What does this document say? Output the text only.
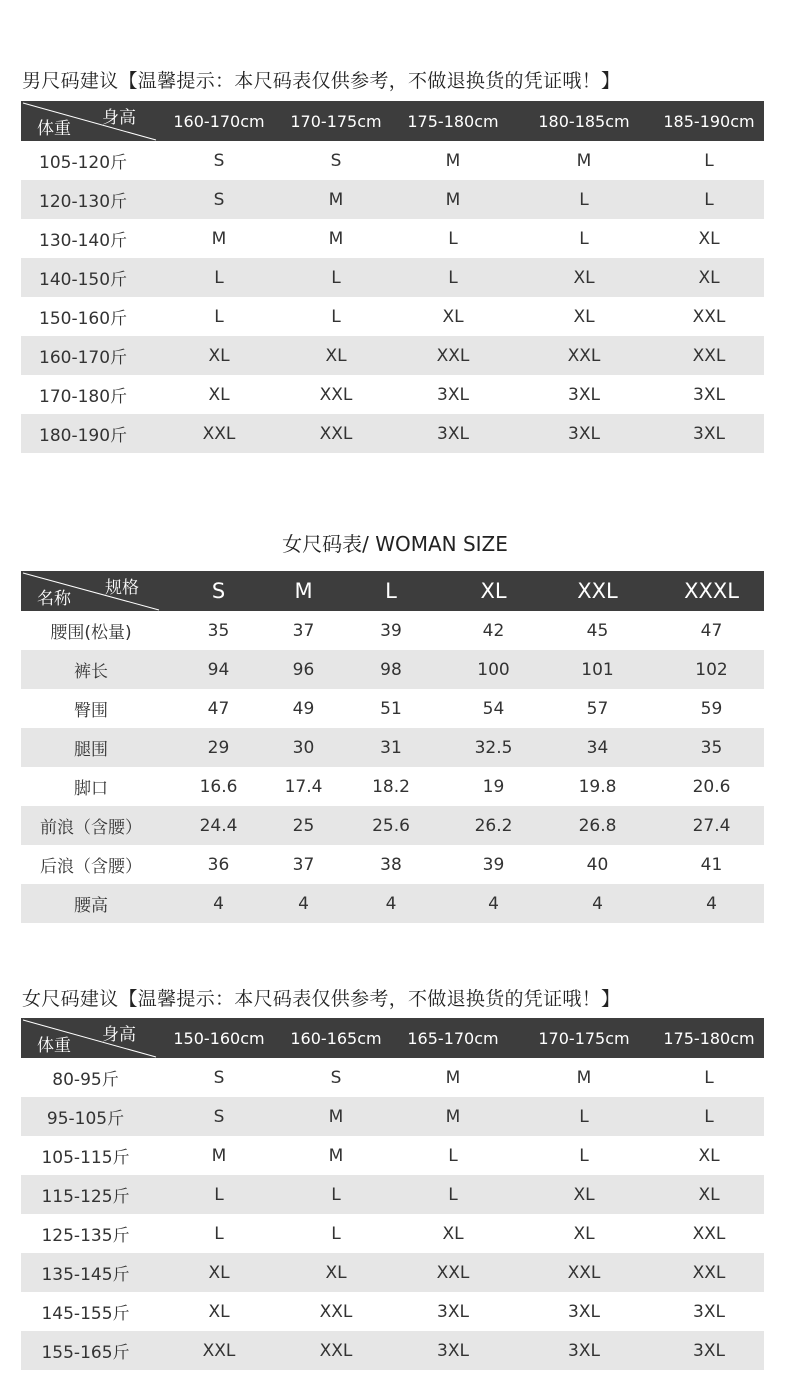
男尺码建议【温馨提示：本尺码表仅供参考，不做退换货的凭证哦！】
身高
体重	160-170cm	170-175cm	175-180cm	180-185cm	185-190cm
105-120斤	S	S	M	M	L
120-130斤	S	M	M	L	L
130-140斤	M	M	L	L	XL
140-150斤	L	L	L	XL	XL
150-160斤	L	L	XL	XL	XXL
160-170斤	XL	XL	XXL	XXL	XXL
170-180斤	XL	XXL	3XL	3XL	3XL
180-190斤	XXL	XXL	3XL	3XL	3XL
女尺码表/ WOMAN SIZE
规格
名称	S	M	L	XL	XXL	XXXL
腰围(松量)	35	37	39	42	45	47
裤长	94	96	98	100	101	102
臀围	47	49	51	54	57	59
腿围	29	30	31	32.5	34	35
脚口	16.6	17.4	18.2	19	19.8	20.6
前浪（含腰）	24.4	25	25.6	26.2	26.8	27.4
后浪（含腰）	36	37	38	39	40	41
腰高	4	4	4	4	4	4
女尺码建议【温馨提示：本尺码表仅供参考，不做退换货的凭证哦！】
身高
体重	150-160cm	160-165cm	165-170cm	170-175cm	175-180cm
80-95斤	S	S	M	M	L
95-105斤	S	M	M	L	L
105-115斤	M	M	L	L	XL
115-125斤	L	L	L	XL	XL
125-135斤	L	L	XL	XL	XXL
135-145斤	XL	XL	XXL	XXL	XXL
145-155斤	XL	XXL	3XL	3XL	3XL
155-165斤	XXL	XXL	3XL	3XL	3XL
